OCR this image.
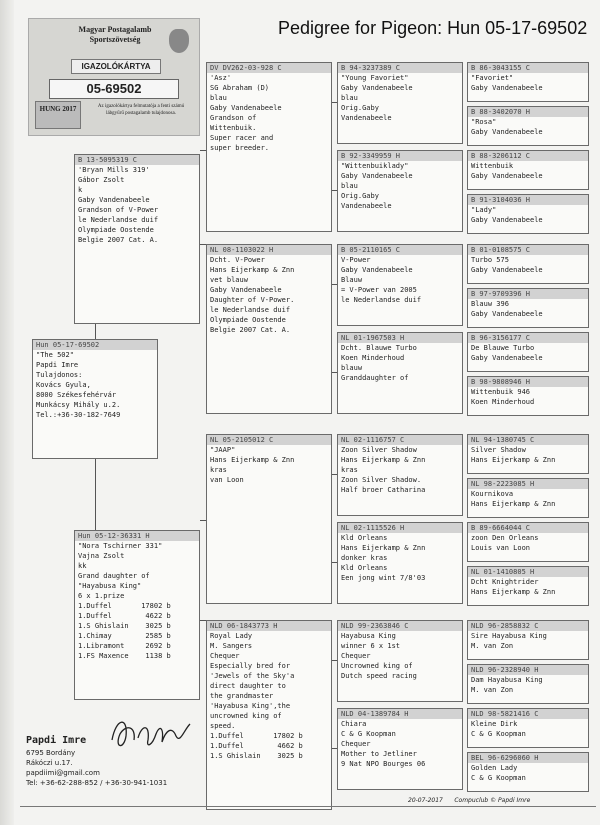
Pedigree for Pigeon: Hun 05-17-69502
Magyar Postagalamb Sportszövetség
IGAZOLÓKÁRTYA
05-69502
HUNG 2017	Az igazolókártya felmutatója a fenti számú lábgyűrű postagalamb tulajdonosa.
Hun 05-17-69502
"The 502"
Papdi Imre
Tulajdonos:
Kovács Gyula,
8000 Székesfehérvár
Munkácsy Mihály u.2.
Tel.:+36-30-182-7649
B 13-5095319 C
'Bryan Mills 319'
Gábor Zsolt
k
Gaby Vandenabeele
Grandson of V-Power
le Nederlandse duif
Olympiade Oostende
Belgie 2007 Cat. A.
Hun 05-12-36331 H
"Nora Tschirner 331"
Vajna Zsolt
kk
Grand daughter of
"Hayabusa King"
6 x 1.prize
1.Duffel       17802 b
1.Duffel        4622 b
1.S Ghislain    3025 b
1.Chimay        2585 b
1.Libramont     2692 b
1.FS Maxence    1138 b
DV DV262-03-928 C
'Asz'
SG Abraham (D)
blau
Gaby Vandenabeele
Grandson of
Wittenbuik.
Super racer and
super breeder.
NL 08-1103022 H
Dcht. V-Power
Hans Eijerkamp & Znn
vet blauw
Gaby Vandenabeele
Daughter of V-Power.
le Nederlandse duif
Olympiade Oostende
Belgie 2007 Cat. A.
NL 05-2105012 C
"JAAP"
Hans Eijerkamp & Znn
kras
van Loon
NLD 06-1843773 H
Royal Lady
M. Sangers
Chequer
Especially bred for
'Jewels of the Sky'a
direct daughter to
the grandmaster
'Hayabusa King',the
uncrowned king of
speed.
1.Duffel       17802 b
1.Duffel        4662 b
1.S Ghislain    3025 b
B 94-3237389 C
"Young Favoriet"
Gaby Vandenabeele
blau
Orig.Gaby
Vandenabeele
B 92-3349959 H
"Wittenbuiklady"
Gaby Vandenabeele
blau
Orig.Gaby
Vandenabeele
B 05-2110165 C
V-Power
Gaby Vandenabeele
Blauw
= V-Power van 2005
le Nederlandse duif
NL 01-1967503 H
Dcht. Blauwe Turbo
Koen Minderhoud
blauw
Granddaughter of
NL 02-1116757 C
Zoon Silver Shadow
Hans Eijerkamp & Znn
kras
Zoon Silver Shadow.
Half broer Catharina
NL 02-1115526 H
Kld Orleans
Hans Eijerkamp & Znn
donker kras
Kld Orleans
Een jong wint 7/8'03
NLD 99-2363846 C
Hayabusa King
winner 6 x 1st
Chequer
Uncrowned king of
Dutch speed racing
NLD 04-1389784 H
Chiara
C & G Koopman
Chequer
Mother to Jetliner
9 Nat NPO Bourges 06
B 86-3043155 C
"Favoriet"
Gaby Vandenabeele
B 88-3402070 H
"Rosa"
Gaby Vandenabeele
B 88-3206112 C
Wittenbuik
Gaby Vandenabeele
B 91-3104036 H
"Lady"
Gaby Vandenabeele
B 01-0108575 C
Turbo 575
Gaby Vandenabeele
B 97-9709396 H
Blauw 396
Gaby Vandenabeele
B 96-3156177 C
De Blauwe Turbo
Gaby Vandenabeele
B 98-9808946 H
Wittenbuik 946
Koen Minderhoud
NL 94-1380745 C
Silver Shadow
Hans Eijerkamp & Znn
NL 98-2223085 H
Kournikova
Hans Eijerkamp & Znn
B 89-6664044 C
zoon Den Orleans
Louis van Loon
NL 01-1410805 H
Dcht Knightrider
Hans Eijerkamp & Znn
NLD 96-2858832 C
Sire Hayabusa King
M. van Zon
NLD 96-2328940 H
Dam Hayabusa King
M. van Zon
NLD 98-5821416 C
Kleine Dirk
C & G Koopman
BEL 96-6296060 H
Golden Lady
C & G Koopman
Papdi Imre
6795 Bordány
Rákóczi u.17.
papdiimi@gmail.com
Tel: +36-62-288-852 / +36-30-941-1031
20-07-2017 Compuclub © Papdi Imre
